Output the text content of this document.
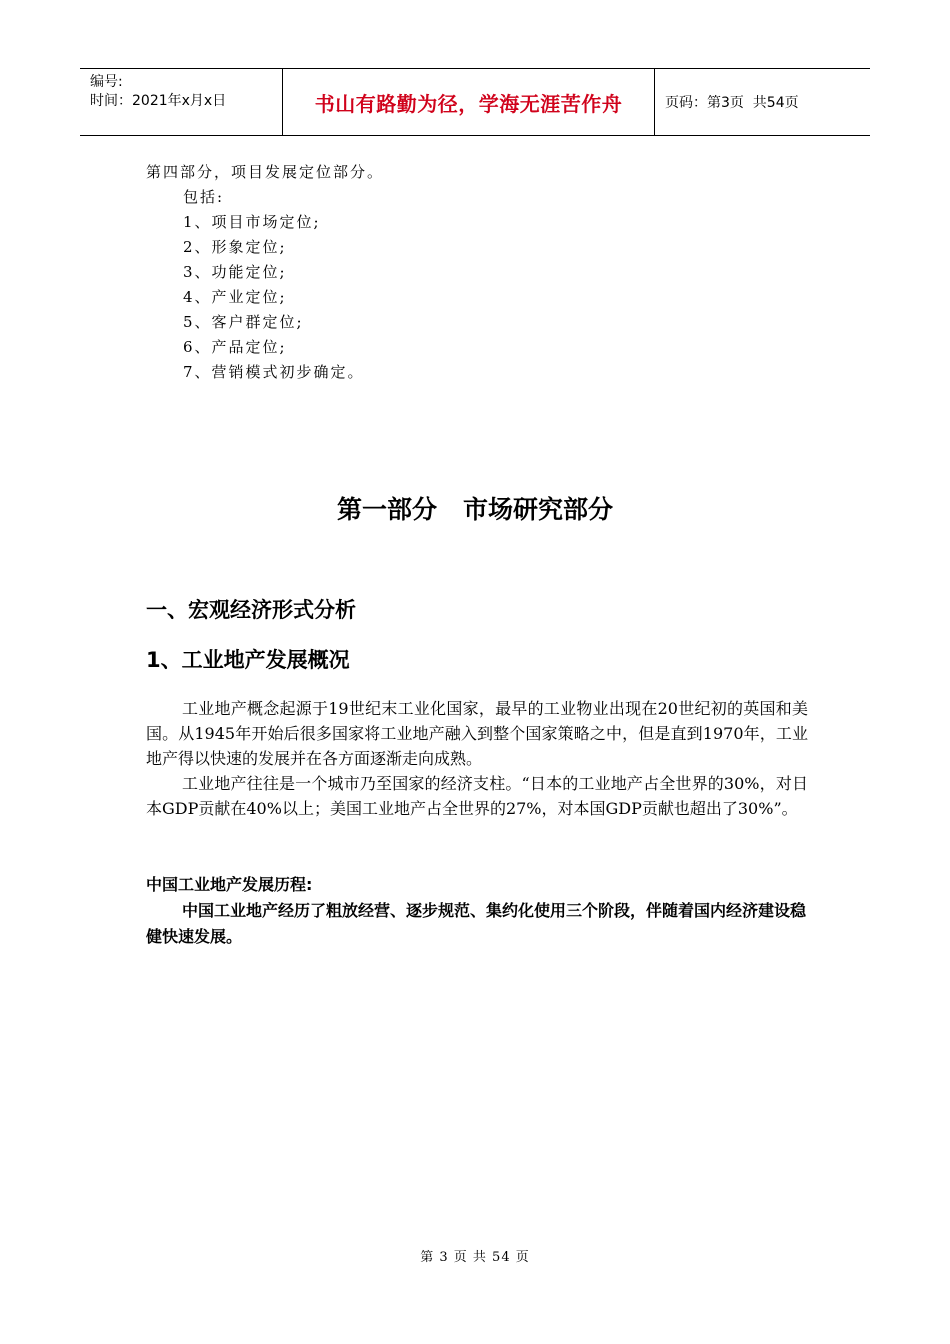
编号:
时间：2021年x月x日	书山有路勤为径，学海无涯苦作舟	页码：第3页  共54页
第四部分，项目发展定位部分。
包括:
1、项目市场定位;
2、形象定位;
3、功能定位;
4、产业定位;
5、客户群定位;
6、产品定位;
7、营销模式初步确定。
第一部分   市场研究部分
一、宏观经济形式分析
1、工业地产发展概况
工业地产概念起源于19世纪末工业化国家，最早的工业物业出现在20世纪初的英国和美国。从1945年开始后很多国家将工业地产融入到整个国家策略之中，但是直到1970年，工业地产得以快速的发展并在各方面逐渐走向成熟。
工业地产往往是一个城市乃至国家的经济支柱。“日本的工业地产占全世界的30%，对日本GDP贡献在40%以上；美国工业地产占全世界的27%，对本国GDP贡献也超出了30%”。
中国工业地产发展历程:
中国工业地产经历了粗放经营、逐步规范、集约化使用三个阶段，伴随着国内经济建设稳健快速发展。
第 3 页 共 54 页
